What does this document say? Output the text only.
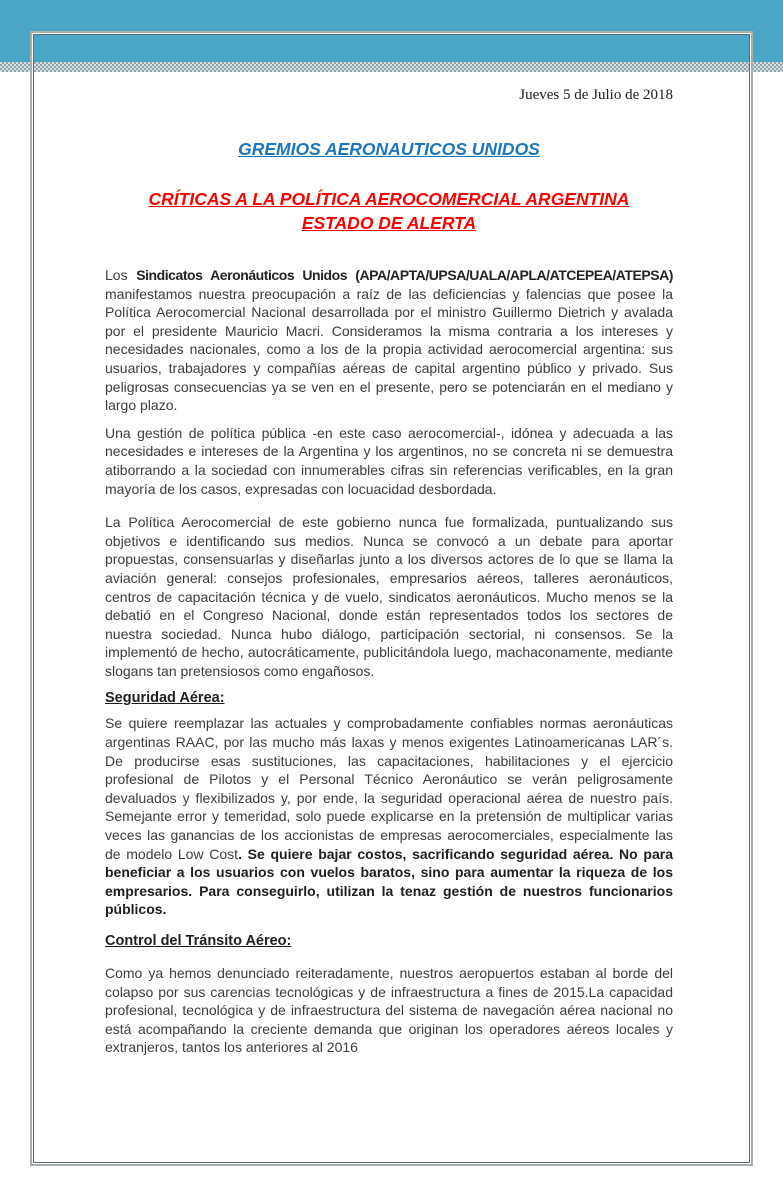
Jueves 5 de Julio de 2018
GREMIOS AERONAUTICOS UNIDOS
CRÍTICAS A LA POLÍTICA AEROCOMERCIAL ARGENTINA
ESTADO DE ALERTA

Los Sindicatos Aeronáuticos Unidos (APA/APTA/UPSA/UALA/APLA/ATCEPEA/ATEPSA) manifestamos nuestra preocupación a raíz de las deficiencias y falencias que posee la Política Aerocomercial Nacional desarrollada por el ministro Guillermo Dietrich y avalada por el presidente Mauricio Macri. Consideramos la misma contraria a los intereses y necesidades nacionales, como a los de la propia actividad aerocomercial argentina: sus usuarios, trabajadores y compañías aéreas de capital argentino público y privado. Sus peligrosas consecuencias ya se ven en el presente, pero se potenciarán en el mediano y largo plazo.

Una gestión de política pública -en este caso aerocomercial-, idónea y adecuada a las necesidades e intereses de la Argentina y los argentinos, no se concreta ni se demuestra atiborrando a la sociedad con innumerables cifras sin referencias verificables, en la gran mayoría de los casos, expresadas con locuacidad desbordada.

La Política Aerocomercial de este gobierno nunca fue formalizada, puntualizando sus objetivos e identificando sus medios. Nunca se convocó a un debate para aportar propuestas, consensuarlas y diseñarlas junto a los diversos actores de lo que se llama la aviación general: consejos profesionales, empresarios aéreos, talleres aeronáuticos, centros de capacitación técnica y de vuelo, sindicatos aeronáuticos. Mucho menos se la debatió en el Congreso Nacional, donde están representados todos los sectores de nuestra sociedad. Nunca hubo diálogo, participación sectorial, ni consensos. Se la implementó de hecho, autocráticamente, publicitándola luego, machaconamente, mediante slogans tan pretensiosos como engañosos.

Seguridad Aérea:

Se quiere reemplazar las actuales y comprobadamente confiables normas aeronáuticas argentinas RAAC, por las mucho más laxas y menos exigentes Latinoamericanas LAR´s. De producirse esas sustituciones, las capacitaciones, habilitaciones y el ejercicio profesional de Pilotos y el Personal Técnico Aeronáutico se verán peligrosamente devaluados y flexibilizados y, por ende, la seguridad operacional aérea de nuestro país. Semejante error y temeridad, solo puede explicarse en la pretensión de multiplicar varias veces las ganancias de los accionistas de empresas aerocomerciales, especialmente las de modelo Low Cost. Se quiere bajar costos, sacrificando seguridad aérea. No para beneficiar a los usuarios con vuelos baratos, sino para aumentar la riqueza de los empresarios. Para conseguirlo, utilizan la tenaz gestión de nuestros funcionarios públicos.

Control del Tránsito Aéreo:

Como ya hemos denunciado reiteradamente, nuestros aeropuertos estaban al borde del colapso por sus carencias tecnológicas y de infraestructura a fines de 2015.La capacidad profesional, tecnológica y de infraestructura del sistema de navegación aérea nacional no está acompañando la creciente demanda que originan los operadores aéreos locales y extranjeros, tantos los anteriores al 2016
